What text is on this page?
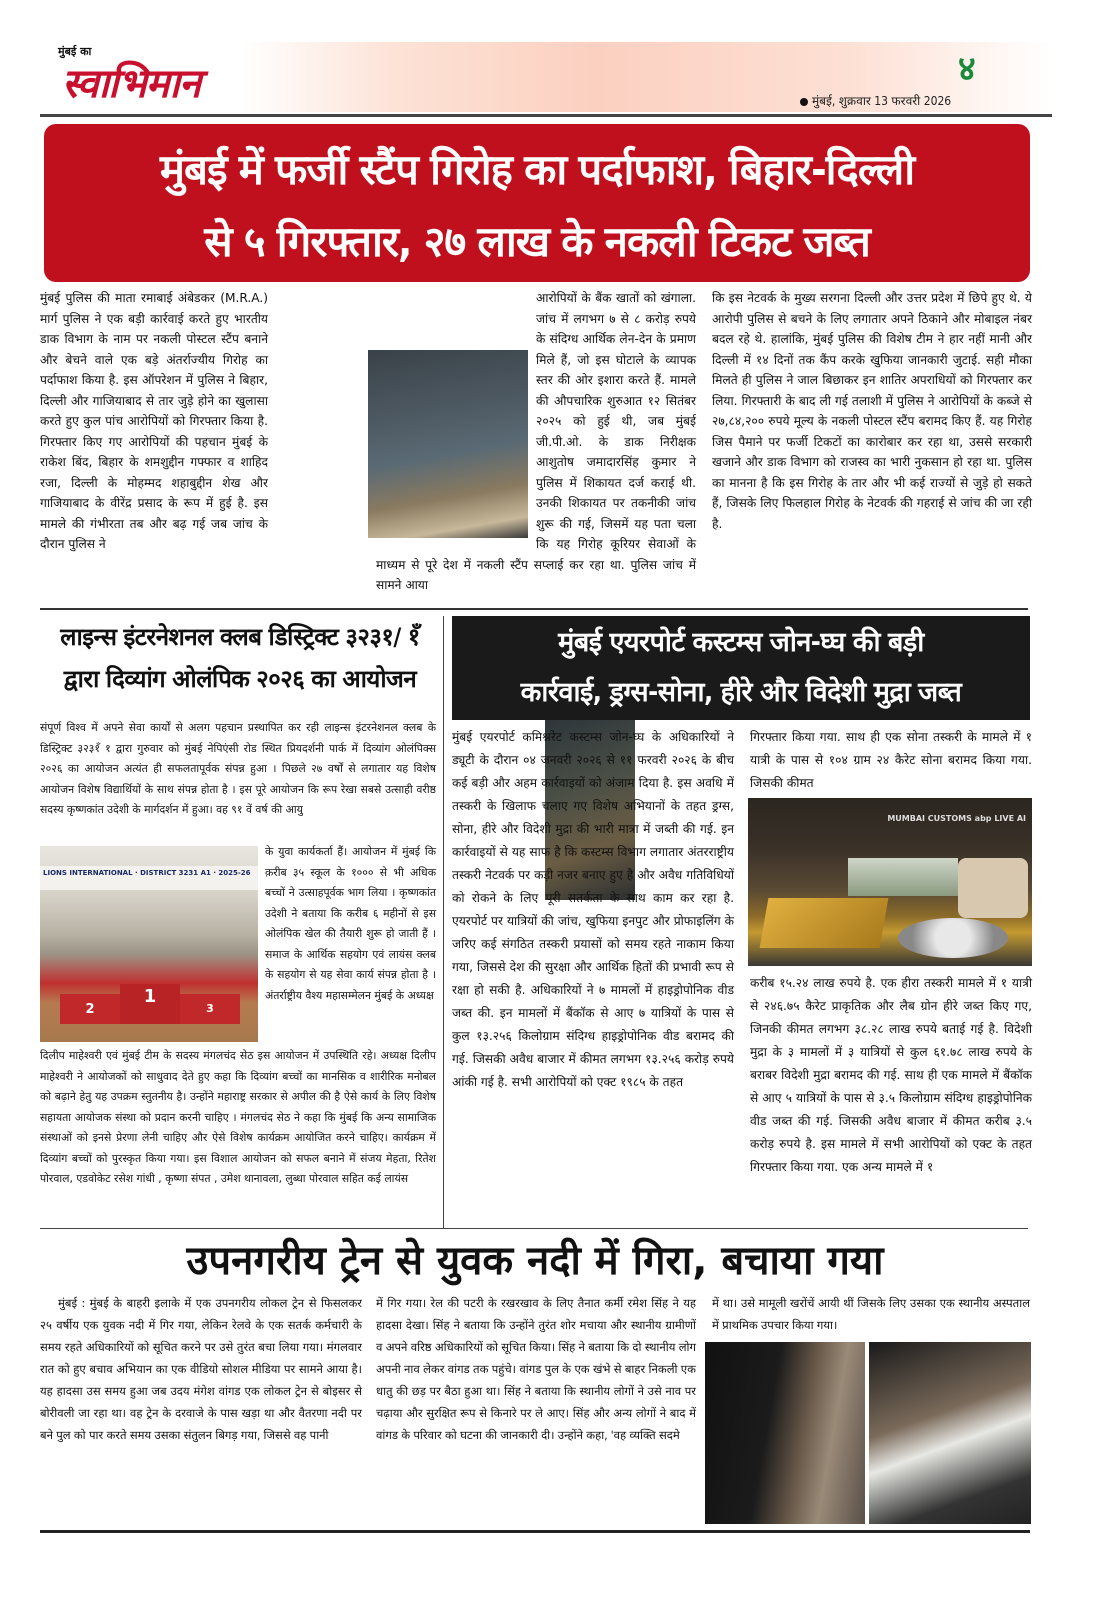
मुंबई का
स्वाभिमान	४
मुंबई, शुक्रवार 13 फरवरी 2026
मुंबई में फर्जी स्टैंप गिरोह का पर्दाफाश, बिहार-दिल्ली
से ५ गिरफ्तार, २७ लाख के नकली टिकट जब्त
मुंबई पुलिस की माता रमाबाई अंबेडकर (M.R.A.) मार्ग पुलिस ने एक बड़ी कार्रवाई करते हुए भारतीय डाक विभाग के नाम पर नकली पोस्टल स्टैंप बनाने और बेचने वाले एक बड़े अंतर्राज्यीय गिरोह का पर्दाफाश किया है. इस ऑपरेशन में पुलिस ने बिहार, दिल्ली और गाजियाबाद से तार जुड़े होने का खुलासा करते हुए कुल पांच आरोपियों को गिरफ्तार किया है. गिरफ्तार किए गए आरोपियों की पहचान मुंबई के राकेश बिंद, बिहार के शमशुद्दीन गफ्फार व शाहिद रजा, दिल्ली के मोहम्मद शहाबुद्दीन शेख और गाजियाबाद के वीरेंद्र प्रसाद के रूप में हुई है. इस मामले की गंभीरता तब और बढ़ गई जब जांच के दौरान पुलिस ने
आरोपियों के बैंक खातों को खंगाला. जांच में लगभग ७ से ८ करोड़ रुपये के संदिग्ध आर्थिक लेन-देन के प्रमाण मिले हैं, जो इस घोटाले के व्यापक स्तर की ओर इशारा करते हैं. मामले की औपचारिक शुरुआत १२ सितंबर २०२५ को हुई थी, जब मुंबई जी.पी.ओ. के डाक निरीक्षक आशुतोष जमादारसिंह कुमार ने पुलिस में शिकायत दर्ज कराई थी. उनकी शिकायत पर तकनीकी जांच शुरू की गई, जिसमें यह पता चला कि यह गिरोह कूरियर सेवाओं के माध्यम से पूरे देश में नकली स्टैंप सप्लाई कर रहा था. पुलिस जांच में सामने आया
कि इस नेटवर्क के मुख्य सरगना दिल्ली और उत्तर प्रदेश में छिपे हुए थे. ये आरोपी पुलिस से बचने के लिए लगातार अपने ठिकाने और मोबाइल नंबर बदल रहे थे. हालांकि, मुंबई पुलिस की विशेष टीम ने हार नहीं मानी और दिल्ली में १४ दिनों तक कैंप करके खुफिया जानकारी जुटाई. सही मौका मिलते ही पुलिस ने जाल बिछाकर इन शातिर अपराधियों को गिरफ्तार कर लिया. गिरफ्तारी के बाद ली गई तलाशी में पुलिस ने आरोपियों के कब्जे से २७,८४,२०० रुपये मूल्य के नकली पोस्टल स्टैंप बरामद किए हैं. यह गिरोह जिस पैमाने पर फर्जी टिकटों का कारोबार कर रहा था, उससे सरकारी खजाने और डाक विभाग को राजस्व का भारी नुकसान हो रहा था. पुलिस का मानना है कि इस गिरोह के तार और भी कई राज्यों से जुड़े हो सकते हैं, जिसके लिए फिलहाल गिरोह के नेटवर्क की गहराई से जांच की जा रही है.
लाइन्स इंटरनेशनल क्लब डिस्ट्रिक्ट ३२३१/ १ँ
द्वारा दिव्यांग ओलंपिक २०२६ का आयोजन
संपूर्ण विश्व में अपने सेवा कार्यों से अलग पहचान प्रस्थापित कर रही लाइन्स इंटरनेशनल क्लब के डिस्ट्रिक्ट ३२३१ँ १ द्वारा गुरुवार को मुंबई नेपिएंसी रोड स्थित प्रियदर्शनी पार्क में दिव्यांग ओलंपिक्स २०२६ का आयोजन अत्यंत ही सफलतापूर्वक संपन्न हुआ । पिछले २७ वर्षों से लगातार यह विशेष आयोजन विशेष विद्यार्थियों के साथ संपन्न होता है । इस पूरे आयोजन कि रूप रेखा सबसे उत्साही वरीष्ठ सदस्य कृष्णकांत उदेशी के मार्गदर्शन में हुआ। वह ९१ वें वर्ष की आयु
LIONS INTERNATIONAL · DISTRICT 3231 A1 · 2025-26
2
1
3
के युवा कार्यकर्ता हैं। आयोजन में मुंबई कि क़रीब ३५ स्कूल के १००० से भी अधिक बच्चों ने उत्साहपूर्वक भाग लिया । कृष्णकांत उदेशी ने बताया कि करीब ६ महीनों से इस ओलंपिक खेल की तैयारी शुरू हो जाती हैं । समाज के आर्थिक सहयोग एवं लायंस क्लब के सहयोग से यह सेवा कार्य संपन्न होता है । अंतर्राष्ट्रीय वैश्य महासम्मेलन मुंबई के अध्यक्ष
दिलीप माहेश्वरी एवं मुंबई टीम के सदस्य मंगलचंद सेठ इस आयोजन में उपस्थिति रहे। अध्यक्ष दिलीप माहेश्वरी ने आयोजकों को साधुवाद देते हुए कहा कि दिव्यांग बच्चों का मानसिक व शारीरिक मनोबल को बढ़ाने हेतु यह उपक्रम स्तुतनीय है। उन्होंने महाराष्ट्र सरकार से अपील की है ऐसे कार्य के लिए विशेष सहायता आयोजक संस्था को प्रदान करनी चाहिए । मंगलचंद सेठ ने कहा कि मुंबई कि अन्य सामाजिक संस्थाओं को इनसे प्रेरणा लेनी चाहिए और ऐसे विशेष कार्यक्रम आयोजित करने चाहिए। कार्यक्रम में दिव्यांग बच्चों को पुरस्कृत किया गया। इस विशाल आयोजन को सफल बनाने में संजय मेहता, रितेश पोरवाल, एडवोकेट रसेश गांधी , कृष्णा संपत , उमेश थानावला, लुब्धा पोरवाल सहित कई लायंस
मुंबई एयरपोर्ट कस्टम्स जोन-घ्घ की बड़ी
कार्रवाई, ड्रग्स-सोना, हीरे और विदेशी मुद्रा जब्त
मुंबई एयरपोर्ट कमिश्नरेट कस्टम्स जोन-घ्घ के अधिकारियों ने ड्यूटी के दौरान ०४ जनवरी २०२६ से ११ फरवरी २०२६ के बीच कई बड़ी और अहम कार्रवाइयों को अंजाम दिया है. इस अवधि में तस्करी के खिलाफ चलाए गए विशेष अभियानों के तहत ड्रग्स, सोना, हीरे और विदेशी मुद्रा की भारी मात्रा में जब्ती की गई. इन कार्रवाइयों से यह साफ है कि कस्टम्स विभाग लगातार अंतरराष्ट्रीय तस्करी नेटवर्क पर कड़ी नजर बनाए हुए है और अवैध गतिविधियों को रोकने के लिए पूरी सतर्कता के साथ काम कर रहा है. एयरपोर्ट पर यात्रियों की जांच, खुफिया इनपुट और प्रोफाइलिंग के जरिए कई संगठित तस्करी प्रयासों को समय रहते नाकाम किया गया, जिससे देश की सुरक्षा और आर्थिक हितों की प्रभावी रूप से रक्षा हो सकी है. अधिकारियों ने ७ मामलों में हाइड्रोपोनिक वीड जब्त की. इन मामलों में बैंकॉक से आए ७ यात्रियों के पास से कुल १३.२५६ किलोग्राम संदिग्ध हाइड्रोपोनिक वीड बरामद की गई. जिसकी अवैध बाजार में कीमत लगभग १३.२५६ करोड़ रुपये आंकी गई है. सभी आरोपियों को एक्ट १९८५ के तहत
गिरफ्तार किया गया. साथ ही एक सोना तस्करी के मामले में १ यात्री के पास से १०४ ग्राम २४ कैरेट सोना बरामद किया गया. जिसकी कीमत
MUMBAI CUSTOMS abp LIVE AI
करीब १५.२४ लाख रुपये है. एक हीरा तस्करी मामले में १ यात्री से २४६.७५ कैरेट प्राकृतिक और लैब ग्रोन हीरे जब्त किए गए, जिनकी कीमत लगभग ३८.२८ लाख रुपये बताई गई है. विदेशी मुद्रा के ३ मामलों में ३ यात्रियों से कुल ६१.७८ लाख रुपये के बराबर विदेशी मुद्रा बरामद की गई. साथ ही एक मामले में बैंकॉक से आए ५ यात्रियों के पास से ३.५ किलोग्राम संदिग्ध हाइड्रोपोनिक वीड जब्त की गई. जिसकी अवैध बाजार में कीमत करीब ३.५ करोड़ रुपये है. इस मामले में सभी आरोपियों को एक्ट के तहत गिरफ्तार किया गया. एक अन्य मामले में १
उपनगरीय ट्रेन से युवक नदी में गिरा, बचाया गया
मुंबई : मुंबई के बाहरी इलाके में एक उपनगरीय लोकल ट्रेन से फिसलकर २५ वर्षीय एक युवक नदी में गिर गया, लेकिन रेलवे के एक सतर्क कर्मचारी के समय रहते अधिकारियों को सूचित करने पर उसे तुरंत बचा लिया गया। मंगलवार रात को हुए बचाव अभियान का एक वीडियो सोशल मीडिया पर सामने आया है। यह हादसा उस समय हुआ जब उदय मंगेश वांगड एक लोकल ट्रेन से बोइसर से बोरीवली जा रहा था। वह ट्रेन के दरवाजे के पास खड़ा था और वैतरणा नदी पर बने पुल को पार करते समय उसका संतुलन बिगड़ गया, जिससे वह पानी
में गिर गया। रेल की पटरी के रखरखाव के लिए तैनात कर्मी रमेश सिंह ने यह हादसा देखा। सिंह ने बताया कि उन्होंने तुरंत शोर मचाया और स्थानीय ग्रामीणों व अपने वरिष्ठ अधिकारियों को सूचित किया। सिंह ने बताया कि दो स्थानीय लोग अपनी नाव लेकर वांगड तक पहुंचे। वांगड पुल के एक खंभे से बाहर निकली एक धातु की छड़ पर बैठा हुआ था। सिंह ने बताया कि स्थानीय लोगों ने उसे नाव पर चढ़ाया और सुरक्षित रूप से किनारे पर ले आए। सिंह और अन्य लोगों ने बाद में वांगड के परिवार को घटना की जानकारी दी। उन्होंने कहा, 'वह व्यक्ति सदमे
में था। उसे मामूली खरोंचें आयी थीं जिसके लिए उसका एक स्थानीय अस्पताल में प्राथमिक उपचार किया गया।
